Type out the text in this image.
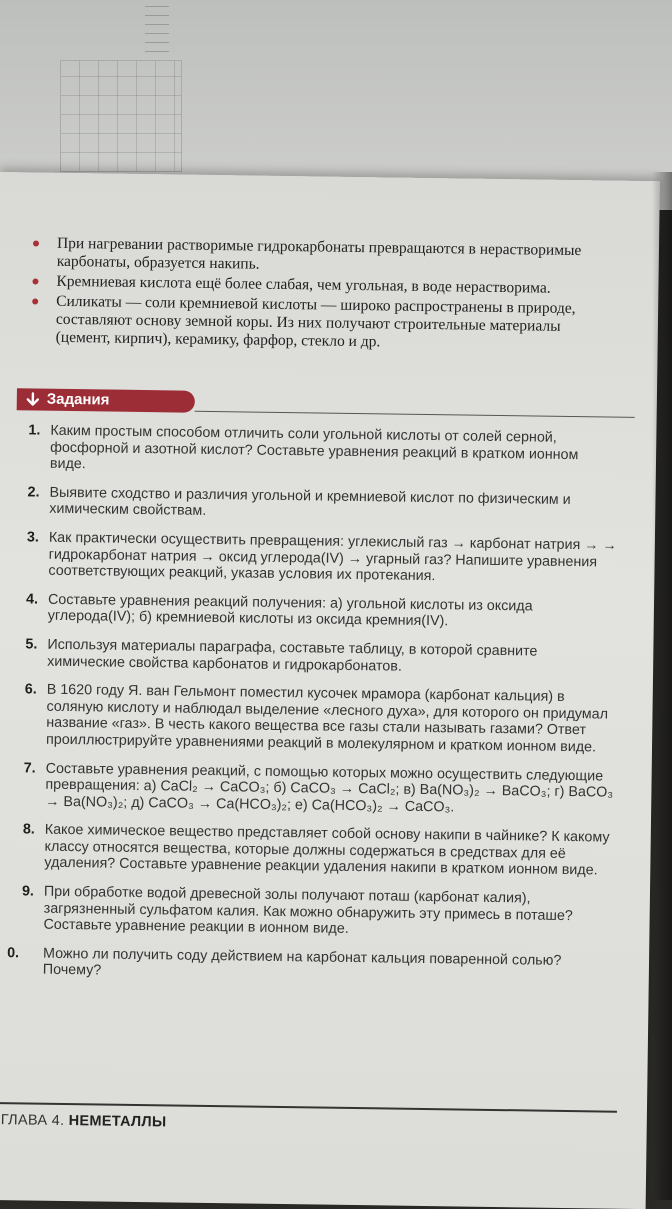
При нагревании растворимые гидрокарбонаты превращаются в нерастворимые карбонаты, образуется накипь.
Кремниевая кислота ещё более слабая, чем угольная, в воде нерастворима.
Силикаты — соли кремниевой кислоты — широко распространены в природе, составляют основу земной коры. Из них получают строительные материалы (цемент, кирпич), керамику, фарфор, стекло и др.
Задания
1. Каким простым способом отличить соли угольной кислоты от солей серной, фосфорной и азотной кислот? Составьте уравнения реакций в кратком ионном виде.
2. Выявите сходство и различия угольной и кремниевой кислот по физическим и химическим свойствам.
3. Как практически осуществить превращения: углекислый газ → карбонат натрия → → гидрокарбонат натрия → оксид углерода(IV) → угарный газ? Напишите уравнения соответствующих реакций, указав условия их протекания.
4. Составьте уравнения реакций получения: а) угольной кислоты из оксида углерода(IV); б) кремниевой кислоты из оксида кремния(IV).
5. Используя материалы параграфа, составьте таблицу, в которой сравните химические свойства карбонатов и гидрокарбонатов.
6. В 1620 году Я. ван Гельмонт поместил кусочек мрамора (карбонат кальция) в соляную кислоту и наблюдал выделение «лесного духа», для которого он придумал название «газ». В честь какого вещества все газы стали называть газами? Ответ проиллюстрируйте уравнениями реакций в молекулярном и кратком ионном виде.
7. Составьте уравнения реакций, с помощью которых можно осуществить следующие превращения: а) CaCl₂ → CaCO₃; б) CaCO₃ → CaCl₂; в) Ba(NO₃)₂ → BaCO₃; г) BaCO₃ → Ba(NO₃)₂; д) CaCO₃ → Ca(HCO₃)₂; е) Ca(HCO₃)₂ → CaCO₃.
8. Какое химическое вещество представляет собой основу накипи в чайнике? К какому классу относятся вещества, которые должны содержаться в средствах для её удаления? Составьте уравнение реакции удаления накипи в кратком ионном виде.
9. При обработке водой древесной золы получают поташ (карбонат калия), загрязненный сульфатом калия. Как можно обнаружить эту примесь в поташе? Составьте уравнение реакции в ионном виде.
0. Можно ли получить соду действием на карбонат кальция поваренной солью? Почему?
ГЛАВА 4. НЕМЕТАЛЛЫ
